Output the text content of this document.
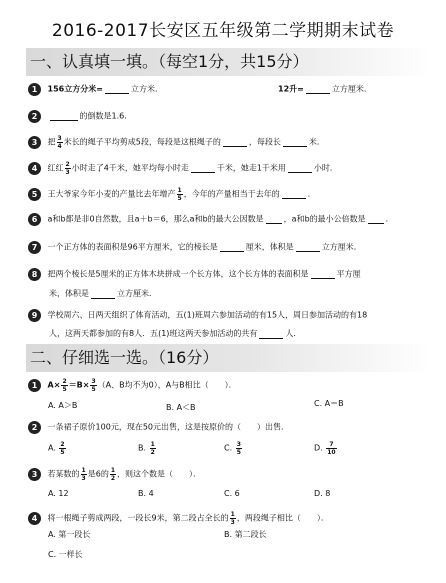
2016-2017长安区五年级第二学期期末试卷
一、认真填一填。（每空1分，共15分）
1 156立方分米=	立方米．	12升=	立方厘米．
2	的倒数是1.6．
3 把 $\frac{3}{4}$ 米长的绳子平均剪成5段，每段是这根绳子的	，每段长	米．
4 红红 $\frac{2}{3}$ 小时走了4千米，她平均每小时走	千米，她走1千米用	小时．
5 王大爷家今年小麦的产量比去年增产 $\frac{1}{5}$ ，今年的产量相当于去年的	．
6 a和b都是非0自然数，且a＋b＝6，那么a和b的最大公因数是	，a和b的最小公倍数是	．
7 一个正方体的表面积是96平方厘米，它的棱长是	厘米，体积是	立方厘米．
8 把两个棱长是5厘米的正方体木块拼成一个长方体，这个长方体的表面积是	平方厘
米，体积是	立方厘米．
9 学校周六、日两天组织了体育活动，五(1)班周六参加活动的有15人，周日参加活动的有18
人，这两天都参加的有8人．五(1)班这两天参加活动的共有	人．
二、仔细选一选。（16分）
1 $A\times \frac{2}{5} =B\times \frac{3}{5} (A$、B均不为0），A与B相比（　　）．
A. A＞B	B. A＜B	C. A＝B
2 一条裙子原价100元，现在50元出售，这是按原价的（　　）出售．
A. $\frac{2}{5}$	B. $\frac{1}{2}$	C. $\frac{3}{5}$	D. $\frac{7}{10}$
3 若某数的 $\frac{1}{3}$ 是6的 $\frac{1}{2}$ ，则这个数是（　　）．
A. 12	B. 4	C. 6	D. 8
4 将一根绳子剪成两段，一段长9米，第二段占全长的 $\frac{1}{3}$ ，两段绳子相比（　　）．
A. 第一段长	B. 第二段长
C. 一样长
